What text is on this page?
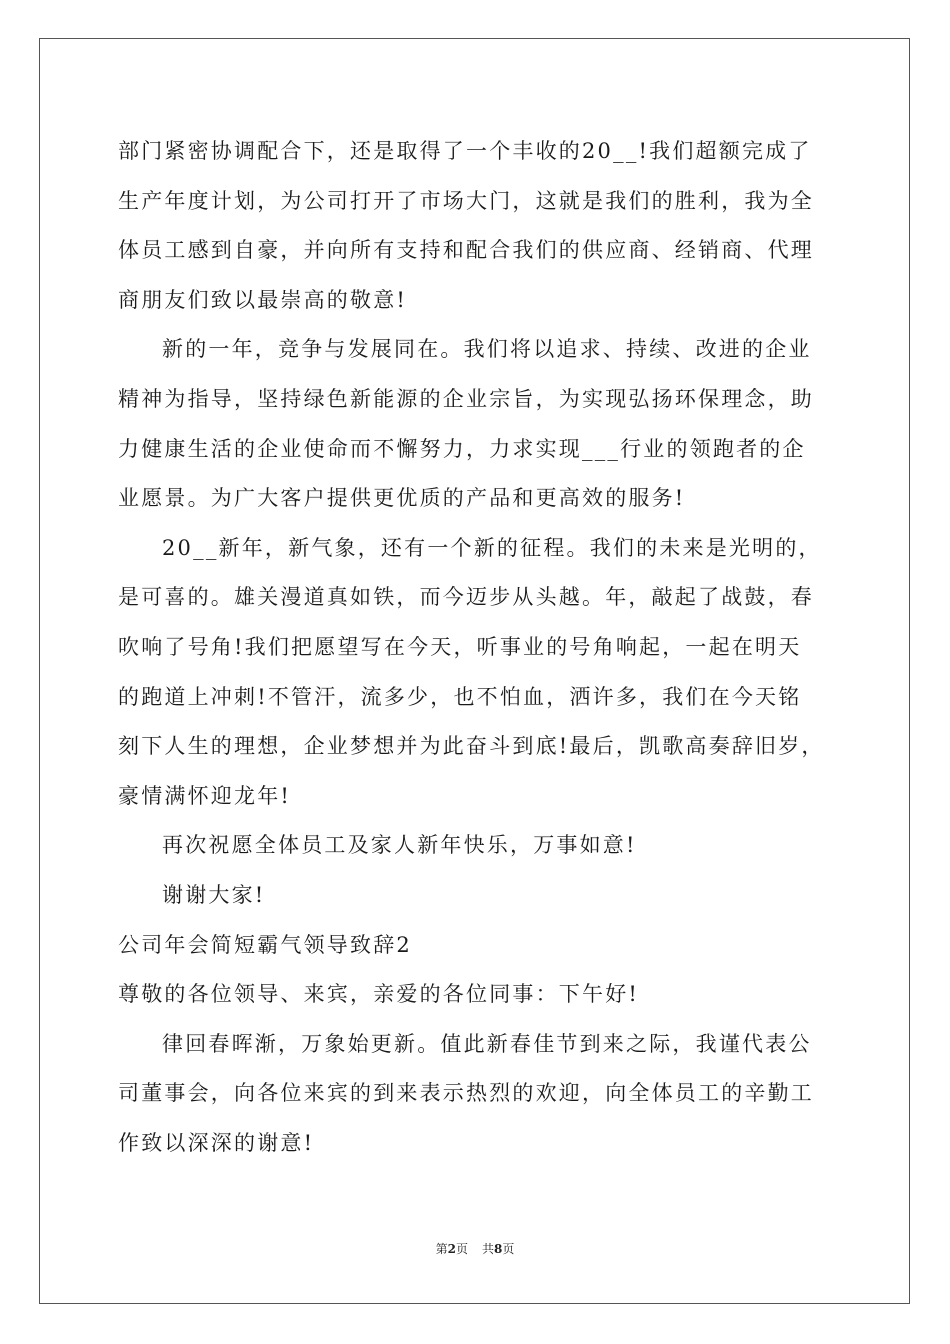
部门紧密协调配合下，还是取得了一个丰收的20__!我们超额完成了
生产年度计划，为公司打开了市场大门，这就是我们的胜利，我为全
体员工感到自豪，并向所有支持和配合我们的供应商、经销商、代理
商朋友们致以最崇高的敬意!
新的一年，竞争与发展同在。我们将以追求、持续、改进的企业
精神为指导，坚持绿色新能源的企业宗旨，为实现弘扬环保理念，助
力健康生活的企业使命而不懈努力，力求实现___行业的领跑者的企
业愿景。为广大客户提供更优质的产品和更高效的服务!
20__新年，新气象，还有一个新的征程。我们的未来是光明的，
是可喜的。雄关漫道真如铁，而今迈步从头越。年，敲起了战鼓，春
吹响了号角!我们把愿望写在今天，听事业的号角响起，一起在明天
的跑道上冲刺!不管汗，流多少，也不怕血，洒许多，我们在今天铭
刻下人生的理想，企业梦想并为此奋斗到底!最后，凯歌高奏辞旧岁，
豪情满怀迎龙年!
再次祝愿全体员工及家人新年快乐，万事如意!
谢谢大家!
公司年会简短霸气领导致辞2
尊敬的各位领导、来宾，亲爱的各位同事：下午好!
律回春晖渐，万象始更新。值此新春佳节到来之际，我谨代表公
司董事会，向各位来宾的到来表示热烈的欢迎，向全体员工的辛勤工
作致以深深的谢意!
第2页 共8页
